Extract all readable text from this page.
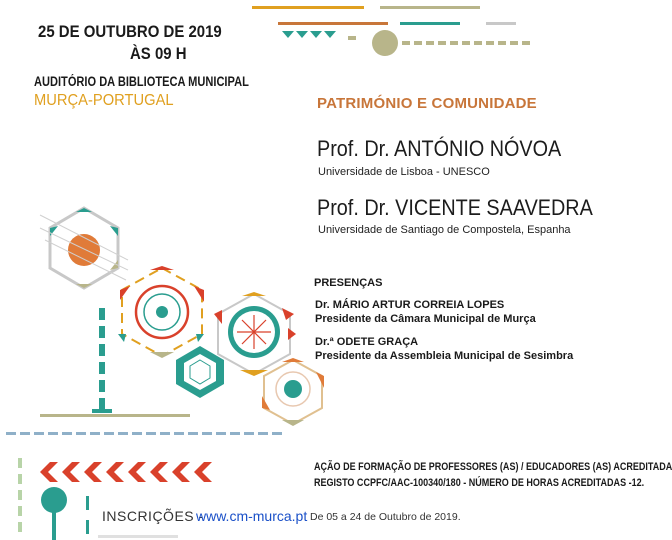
25 DE OUTUBRO DE 2019
ÀS 09 H
AUDITÓRIO DA BIBLIOTECA MUNICIPAL
MURÇA-PORTUGAL	PATRIMÓNIO E COMUNIDADE
Prof. Dr. ANTÓNIO NÓVOA
Universidade de Lisboa - UNESCO
Prof. Dr. VICENTE SAAVEDRA
Universidade de Santiago de Compostela, Espanha
PRESENÇAS
Dr. MÁRIO ARTUR CORREIA LOPES
Presidente da Câmara Municipal de Murça
Dr.ª ODETE GRAÇA
Presidente da Assembleia Municipal de Sesimbra
AÇÃO DE FORMAÇÃO DE PROFESSORES (AS) / EDUCADORES (AS) ACREDITADA
REGISTO CCPFC/AAC-100340/180 - NÚMERO DE HORAS ACREDITADAS -12.
INSCRIÇÕES -
www.cm-murca.pt De 05 a 24 de Outubro de 2019.
